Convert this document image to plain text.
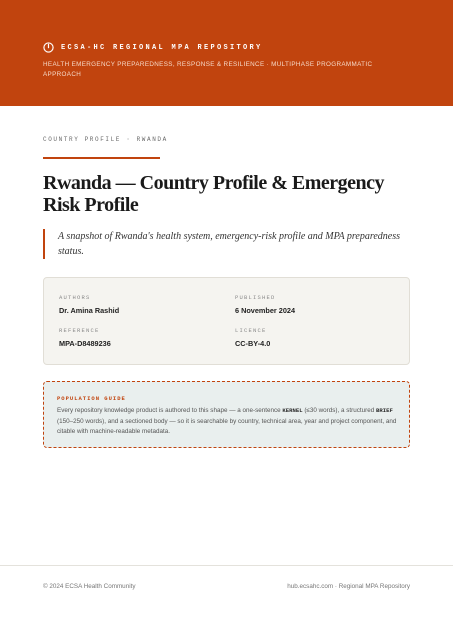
ECSA-HC REGIONAL MPA REPOSITORY
HEALTH EMERGENCY PREPAREDNESS, RESPONSE & RESILIENCE · MULTIPHASE PROGRAMMATIC APPROACH
COUNTRY PROFILE · RWANDA
Rwanda — Country Profile & Emergency Risk Profile

A snapshot of Rwanda's health system, emergency-risk profile and MPA preparedness status.

AUTHORS
Dr. Amina Rashid
PUBLISHED
6 November 2024
REFERENCE
MPA-D8489236
LICENCE
CC-BY-4.0
POPULATION GUIDE
Every repository knowledge product is authored to this shape — a one-sentence KERNEL (≤30 words), a structured BRIEF (150–250 words), and a sectioned body — so it is searchable by country, technical area, year and project component, and citable with machine-readable metadata.
© 2024 ECSA Health Community	hub.ecsahc.com · Regional MPA Repository
